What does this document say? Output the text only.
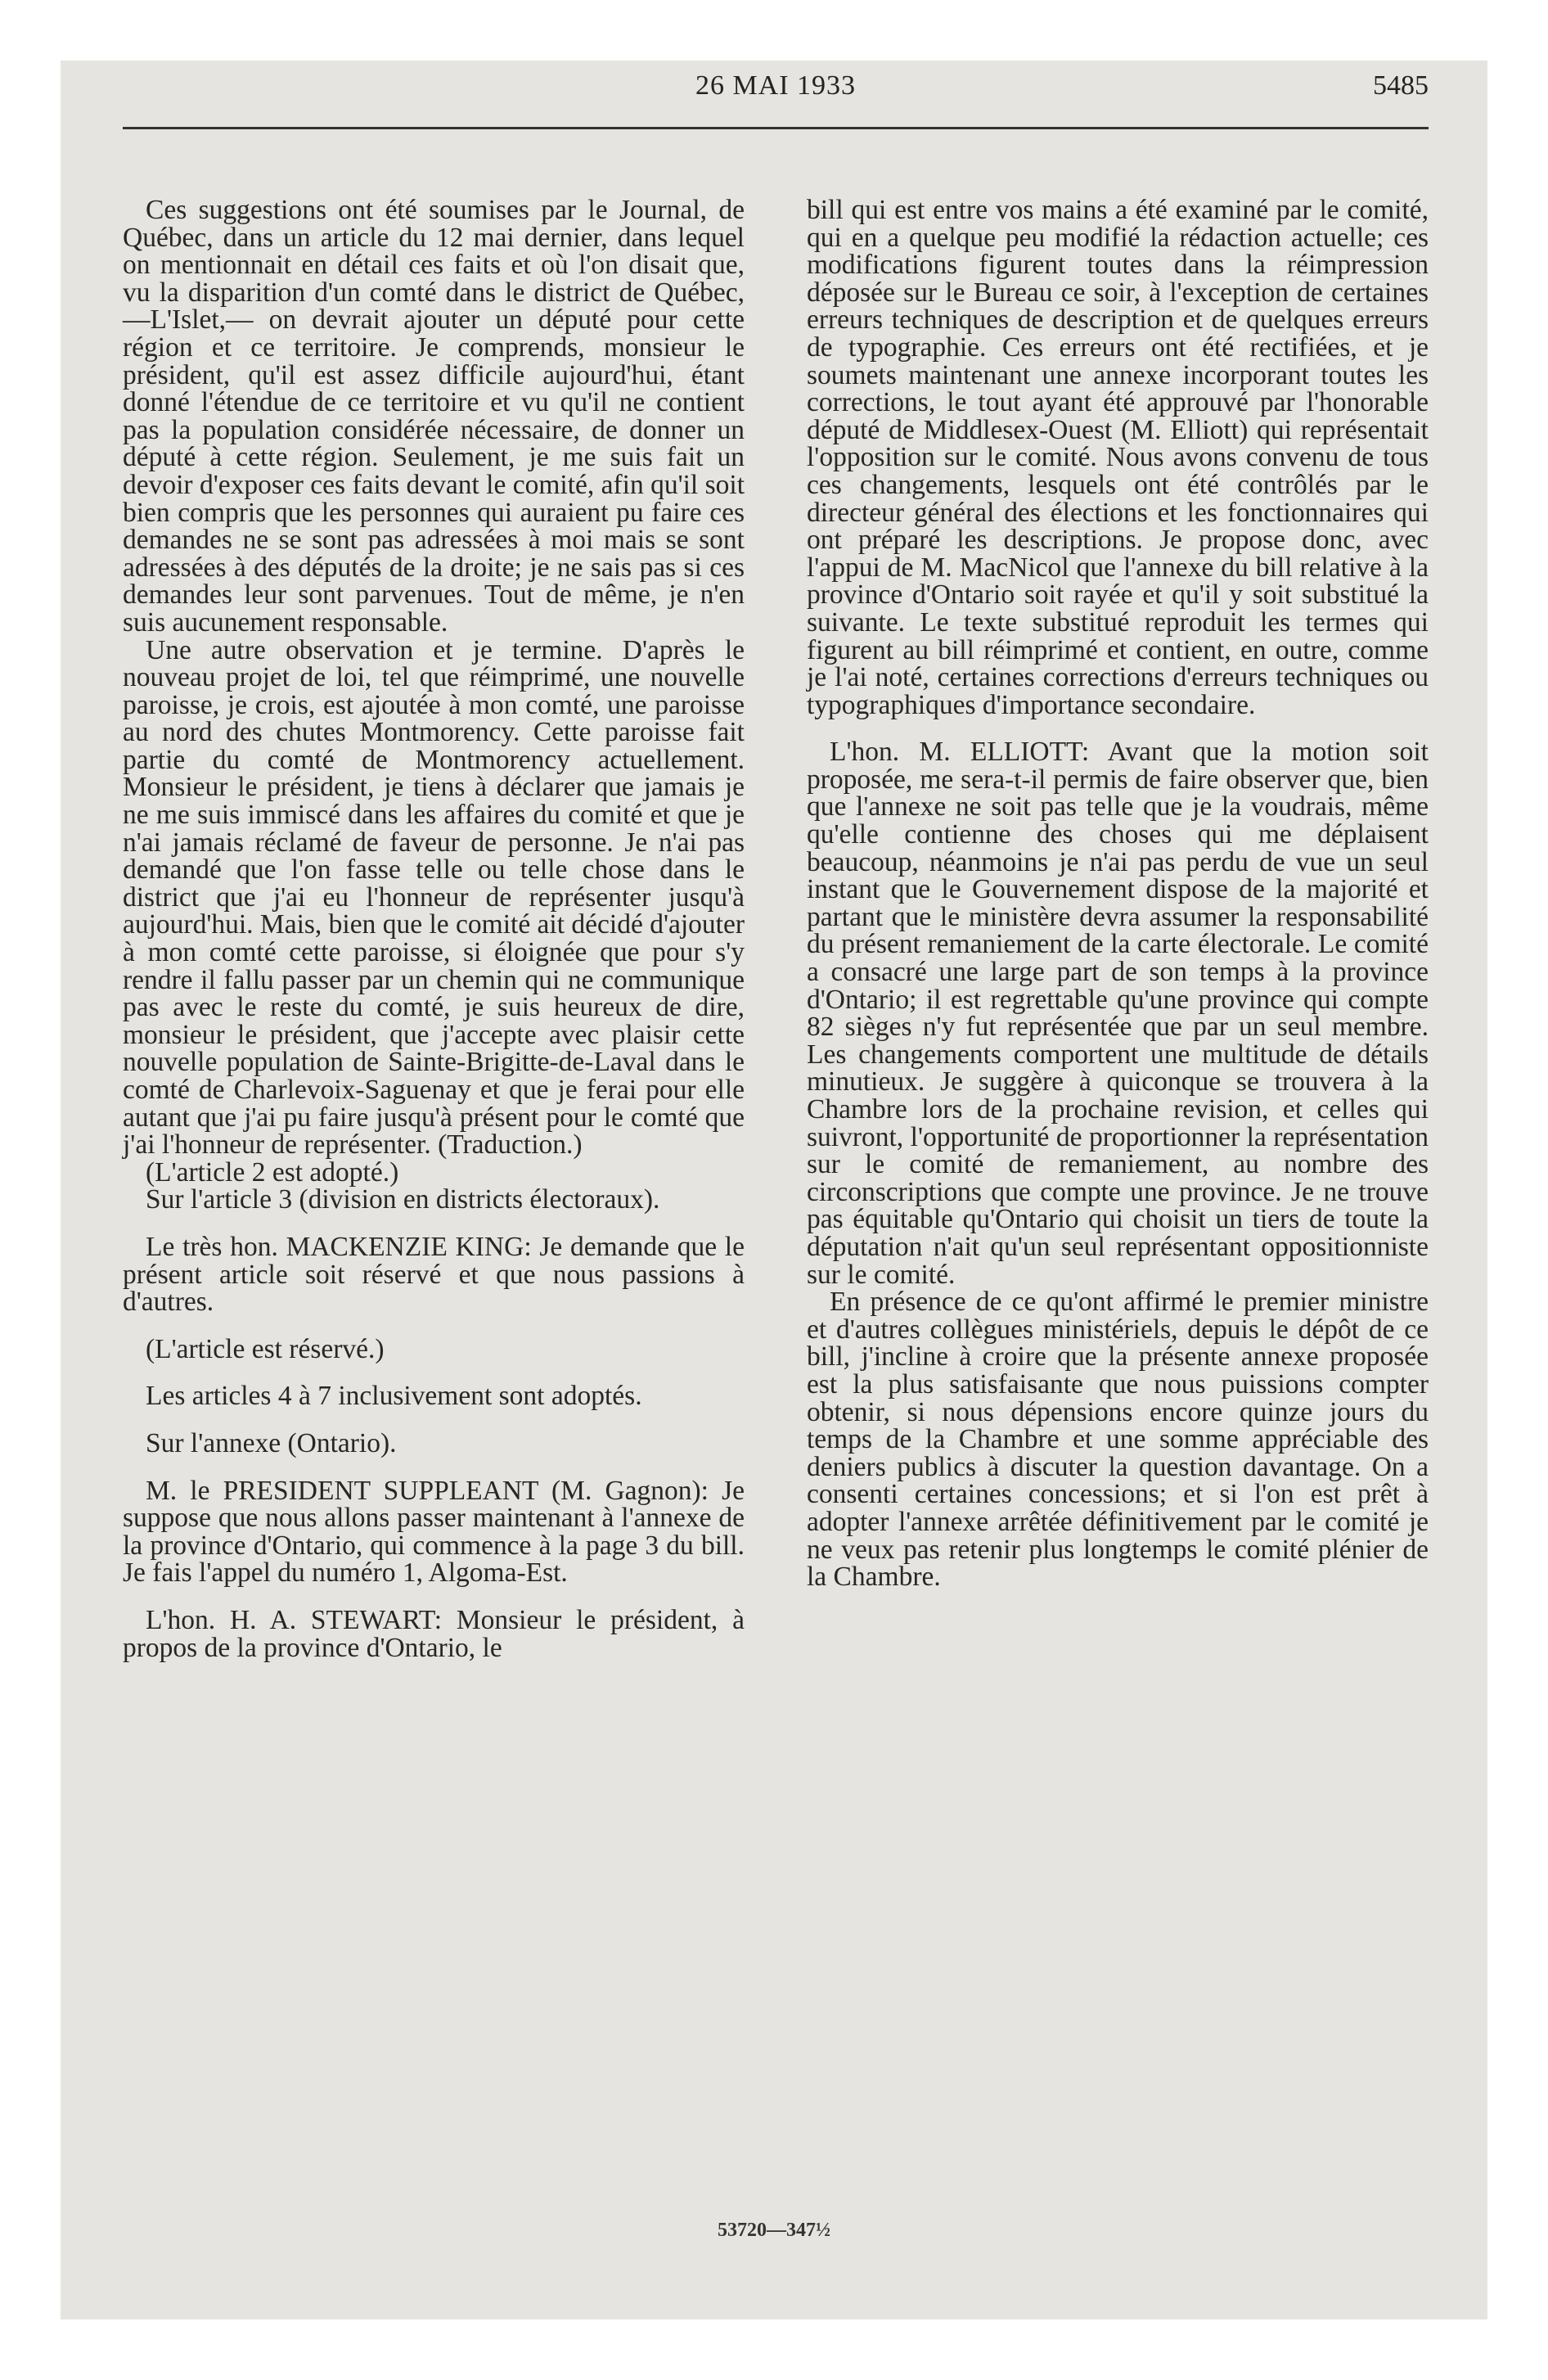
26 MAI 1933	5485

Ces suggestions ont été soumises par le Journal, de Québec, dans un article du 12 mai dernier, dans lequel on mentionnait en détail ces faits et où l'on disait que, vu la disparition d'un comté dans le district de Québec,—L'Islet,— on devrait ajouter un député pour cette région et ce territoire. Je comprends, monsieur le président, qu'il est assez difficile aujourd'hui, étant donné l'étendue de ce territoire et vu qu'il ne contient pas la population considérée nécessaire, de donner un député à cette région. Seulement, je me suis fait un devoir d'exposer ces faits devant le comité, afin qu'il soit bien compris que les personnes qui auraient pu faire ces demandes ne se sont pas adressées à moi mais se sont adressées à des députés de la droite; je ne sais pas si ces demandes leur sont parvenues. Tout de même, je n'en suis aucunement responsable.

Une autre observation et je termine. D'après le nouveau projet de loi, tel que réimprimé, une nouvelle paroisse, je crois, est ajoutée à mon comté, une paroisse au nord des chutes Montmorency. Cette paroisse fait partie du comté de Montmorency actuellement. Monsieur le président, je tiens à déclarer que jamais je ne me suis immiscé dans les affaires du comité et que je n'ai jamais réclamé de faveur de personne. Je n'ai pas demandé que l'on fasse telle ou telle chose dans le district que j'ai eu l'honneur de représenter jusqu'à aujourd'hui. Mais, bien que le comité ait décidé d'ajouter à mon comté cette paroisse, si éloignée que pour s'y rendre il fallu passer par un chemin qui ne communique pas avec le reste du comté, je suis heureux de dire, monsieur le président, que j'accepte avec plaisir cette nouvelle population de Sainte-Brigitte-de-Laval dans le comté de Charlevoix-Saguenay et que je ferai pour elle autant que j'ai pu faire jusqu'à présent pour le comté que j'ai l'honneur de représenter. (Traduction.)

(L'article 2 est adopté.)

Sur l'article 3 (division en districts électoraux).

Le très hon. MACKENZIE KING: Je demande que le présent article soit réservé et que nous passions à d'autres.

(L'article est réservé.)

Les articles 4 à 7 inclusivement sont adoptés.

Sur l'annexe (Ontario).

M. le PRESIDENT SUPPLEANT (M. Gagnon): Je suppose que nous allons passer maintenant à l'annexe de la province d'Ontario, qui commence à la page 3 du bill. Je fais l'appel du numéro 1, Algoma-Est.

L'hon. H. A. STEWART: Monsieur le président, à propos de la province d'Ontario, le

bill qui est entre vos mains a été examiné par le comité, qui en a quelque peu modifié la rédaction actuelle; ces modifications figurent toutes dans la réimpression déposée sur le Bureau ce soir, à l'exception de certaines erreurs techniques de description et de quelques erreurs de typographie. Ces erreurs ont été rectifiées, et je soumets maintenant une annexe incorporant toutes les corrections, le tout ayant été approuvé par l'honorable député de Middlesex-Ouest (M. Elliott) qui représentait l'opposition sur le comité. Nous avons convenu de tous ces changements, lesquels ont été contrôlés par le directeur général des élections et les fonctionnaires qui ont préparé les descriptions. Je propose donc, avec l'appui de M. MacNicol que l'annexe du bill relative à la province d'Ontario soit rayée et qu'il y soit substitué la suivante. Le texte substitué reproduit les termes qui figurent au bill réimprimé et contient, en outre, comme je l'ai noté, certaines corrections d'erreurs techniques ou typographiques d'importance secondaire.

L'hon. M. ELLIOTT: Avant que la motion soit proposée, me sera-t-il permis de faire observer que, bien que l'annexe ne soit pas telle que je la voudrais, même qu'elle contienne des choses qui me déplaisent beaucoup, néanmoins je n'ai pas perdu de vue un seul instant que le Gouvernement dispose de la majorité et partant que le ministère devra assumer la responsabilité du présent remaniement de la carte électorale. Le comité a consacré une large part de son temps à la province d'Ontario; il est regrettable qu'une province qui compte 82 sièges n'y fut représentée que par un seul membre. Les changements comportent une multitude de détails minutieux. Je suggère à quiconque se trouvera à la Chambre lors de la prochaine revision, et celles qui suivront, l'opportunité de proportionner la représentation sur le comité de remaniement, au nombre des circonscriptions que compte une province. Je ne trouve pas équitable qu'Ontario qui choisit un tiers de toute la députation n'ait qu'un seul représentant oppositionniste sur le comité.

En présence de ce qu'ont affirmé le premier ministre et d'autres collègues ministériels, depuis le dépôt de ce bill, j'incline à croire que la présente annexe proposée est la plus satisfaisante que nous puissions compter obtenir, si nous dépensions encore quinze jours du temps de la Chambre et une somme appréciable des deniers publics à discuter la question davantage. On a consenti certaines concessions; et si l'on est prêt à adopter l'annexe arrêtée définitivement par le comité je ne veux pas retenir plus longtemps le comité plénier de la Chambre.

53720—347½
